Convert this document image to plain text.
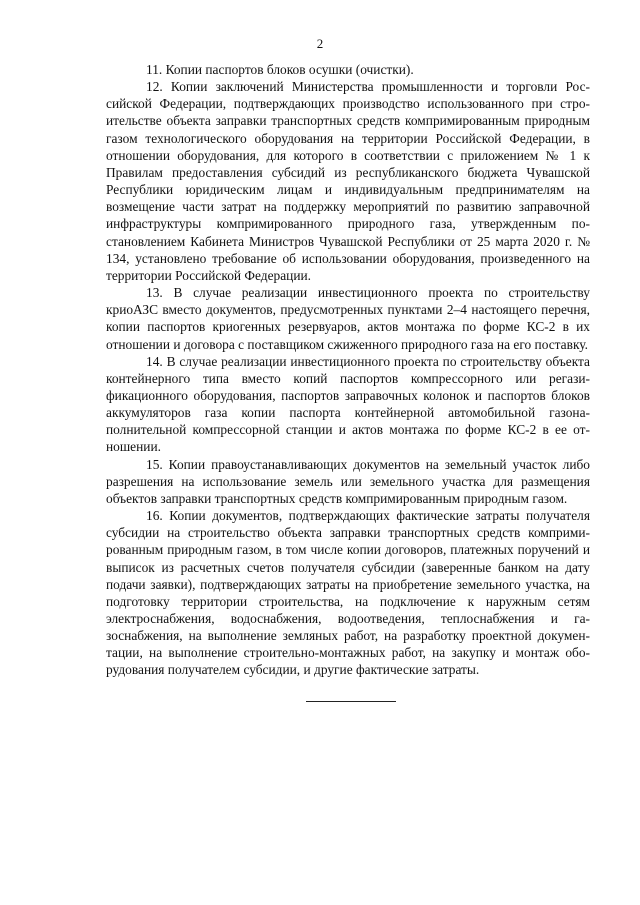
2

11. Копии паспортов блоков осушки (очистки).

12. Копии заключений Министерства промышленности и торговли Российской Федерации, подтверждающих производство использованного при строительстве объекта заправки транспортных средств компримированным природным газом технологического оборудования на территории Российской Федерации, в отношении оборудования, для которого в соответствии с приложением № 1 к Правилам предоставления субсидий из республиканского бюджета Чувашской Республики юридическим лицам и индивидуальным предпринимателям на возмещение части затрат на поддержку мероприятий по развитию заправочной инфраструктуры компримированного природного газа, утвержденным постановлением Кабинета Министров Чувашской Республики от 25 марта 2020 г. № 134, установлено требование об использовании оборудования, произведенного на территории Российской Федерации.

13. В случае реализации инвестиционного проекта по строительству криоАЗС вместо документов, предусмотренных пунктами 2–4 настоящего перечня, копии паспортов криогенных резервуаров, актов монтажа по форме КС-2 в их отношении и договора с поставщиком сжиженного природного газа на его поставку.

14. В случае реализации инвестиционного проекта по строительству объекта контейнерного типа вместо копий паспортов компрессорного или регазификационного оборудования, паспортов заправочных колонок и паспортов блоков аккумуляторов газа копии паспорта контейнерной автомобильной газонаполнительной компрессорной станции и актов монтажа по форме КС-2 в ее отношении.

15. Копии правоустанавливающих документов на земельный участок либо разрешения на использование земель или земельного участка для размещения объектов заправки транспортных средств компримированным природным газом.

16. Копии документов, подтверждающих фактические затраты получателя субсидии на строительство объекта заправки транспортных средств компримированным природным газом, в том числе копии договоров, платежных поручений и выписок из расчетных счетов получателя субсидии (заверенные банком на дату подачи заявки), подтверждающих затраты на приобретение земельного участка, на подготовку территории строительства, на подключение к наружным сетям электроснабжения, водоснабжения, водоотведения, теплоснабжения и газоснабжения, на выполнение земляных работ, на разработку проектной документации, на выполнение строительно-монтажных работ, на закупку и монтаж оборудования получателем субсидии, и другие фактические затраты.
